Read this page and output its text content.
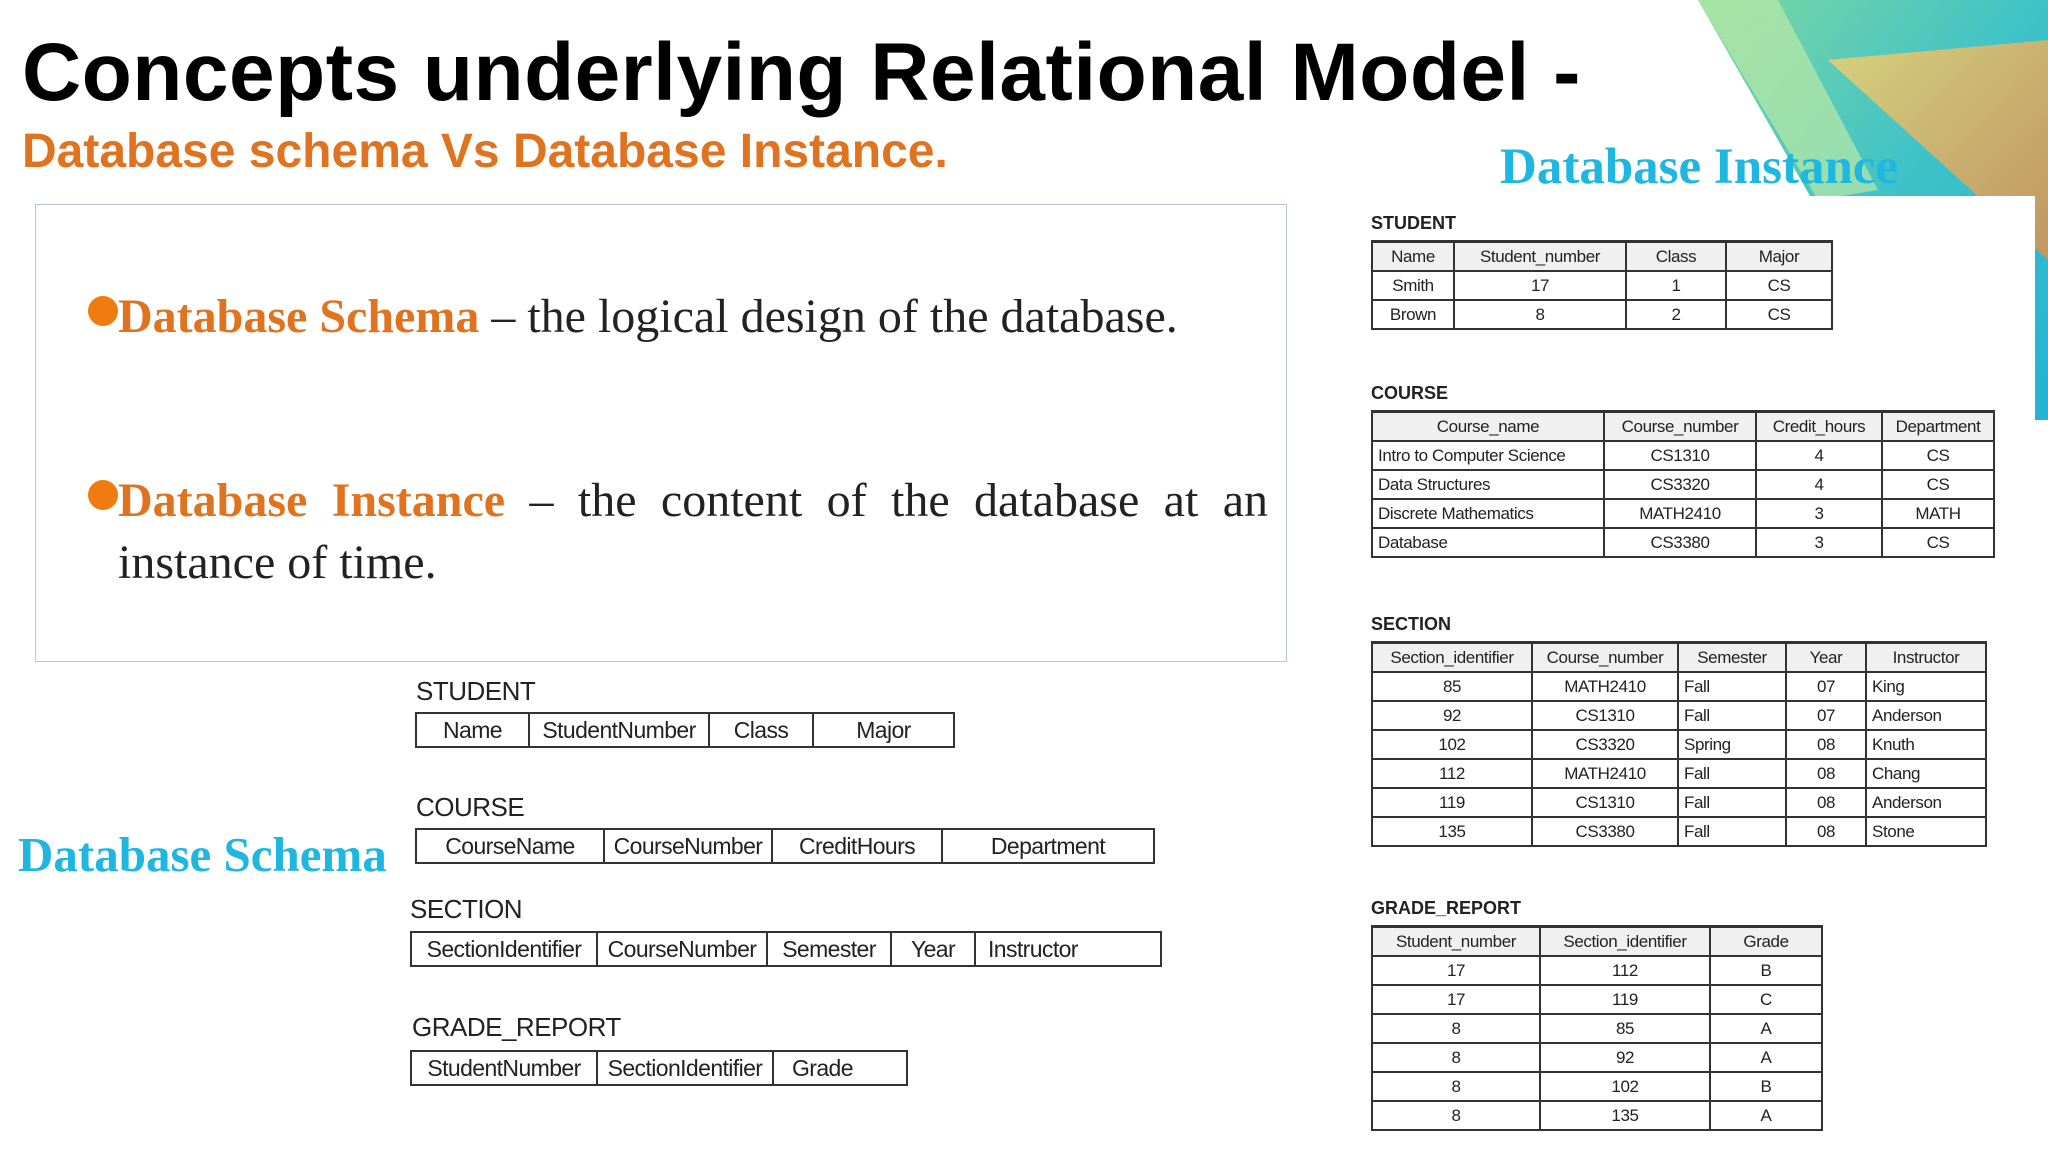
Concepts underlying Relational Model -
Database schema Vs Database Instance.
Database Schema – the logical design of the database.
Database Instance – the content of the database at an instance of time.
Database Schema
STUDENT
Name	StudentNumber	Class	Major
COURSE
CourseName	CourseNumber	CreditHours	Department
SECTION
SectionIdentifier	CourseNumber	Semester	Year	Instructor
GRADE_REPORT
StudentNumber	SectionIdentifier	Grade
Database Instance
STUDENT
Name	Student_number	Class	Major
Smith	17	1	CS
Brown	8	2	CS
COURSE
Course_name	Course_number	Credit_hours	Department
Intro to Computer Science	CS1310	4	CS
Data Structures	CS3320	4	CS
Discrete Mathematics	MATH2410	3	MATH
Database	CS3380	3	CS
SECTION
Section_identifier	Course_number	Semester	Year	Instructor
85	MATH2410	Fall	07	King
92	CS1310	Fall	07	Anderson
102	CS3320	Spring	08	Knuth
112	MATH2410	Fall	08	Chang
119	CS1310	Fall	08	Anderson
135	CS3380	Fall	08	Stone
GRADE_REPORT
Student_number	Section_identifier	Grade
17	112	B
17	119	C
8	85	A
8	92	A
8	102	B
8	135	A
